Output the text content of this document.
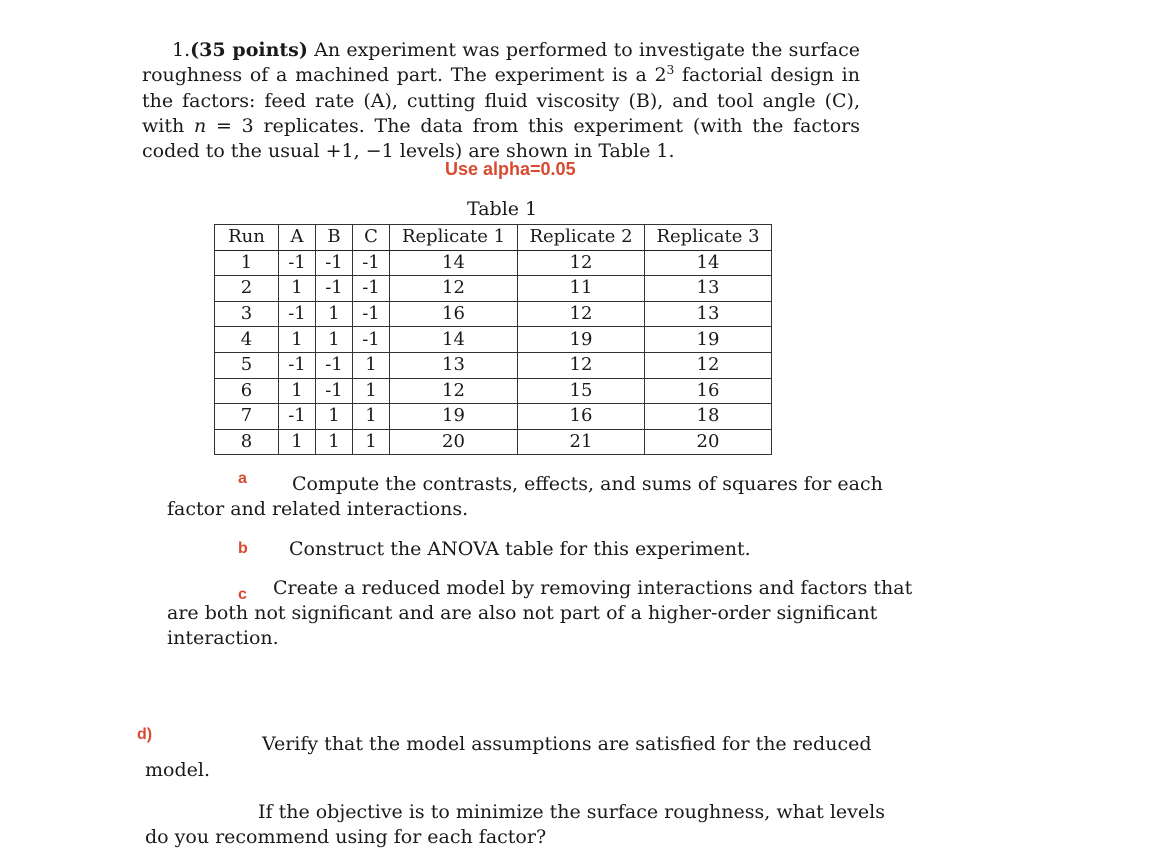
1.(35 points) An experiment was performed to investigate the surface roughness of a machined part. The experiment is a $2^3$ factorial design in the factors: feed rate (A), cutting fluid viscosity (B), and tool angle (C), with n = 3 replicates. The data from this experiment (with the factors coded to the usual +1, −1 levels) are shown in Table 1.
Use alpha=0.05
Table 1
Run	A	B	C	Replicate 1	Replicate 2	Replicate 3
1	-1	-1	-1	14	12	14
2	1	-1	-1	12	11	13
3	-1	1	-1	16	12	13
4	1	1	-1	14	19	19
5	-1	-1	1	13	12	12
6	1	-1	1	12	15	16
7	-1	1	1	19	16	18
8	1	1	1	20	21	20
a Compute the contrasts, effects, and sums of squares for each
factor and related interactions.
b Construct the ANOVA table for this experiment.
c Create a reduced model by removing interactions and factors that
are both not significant and are also not part of a higher-order significant
interaction.
d)	Verify that the model assumptions are satisfied for the reduced
model.
If the objective is to minimize the surface roughness, what levels
do you recommend using for each factor?
